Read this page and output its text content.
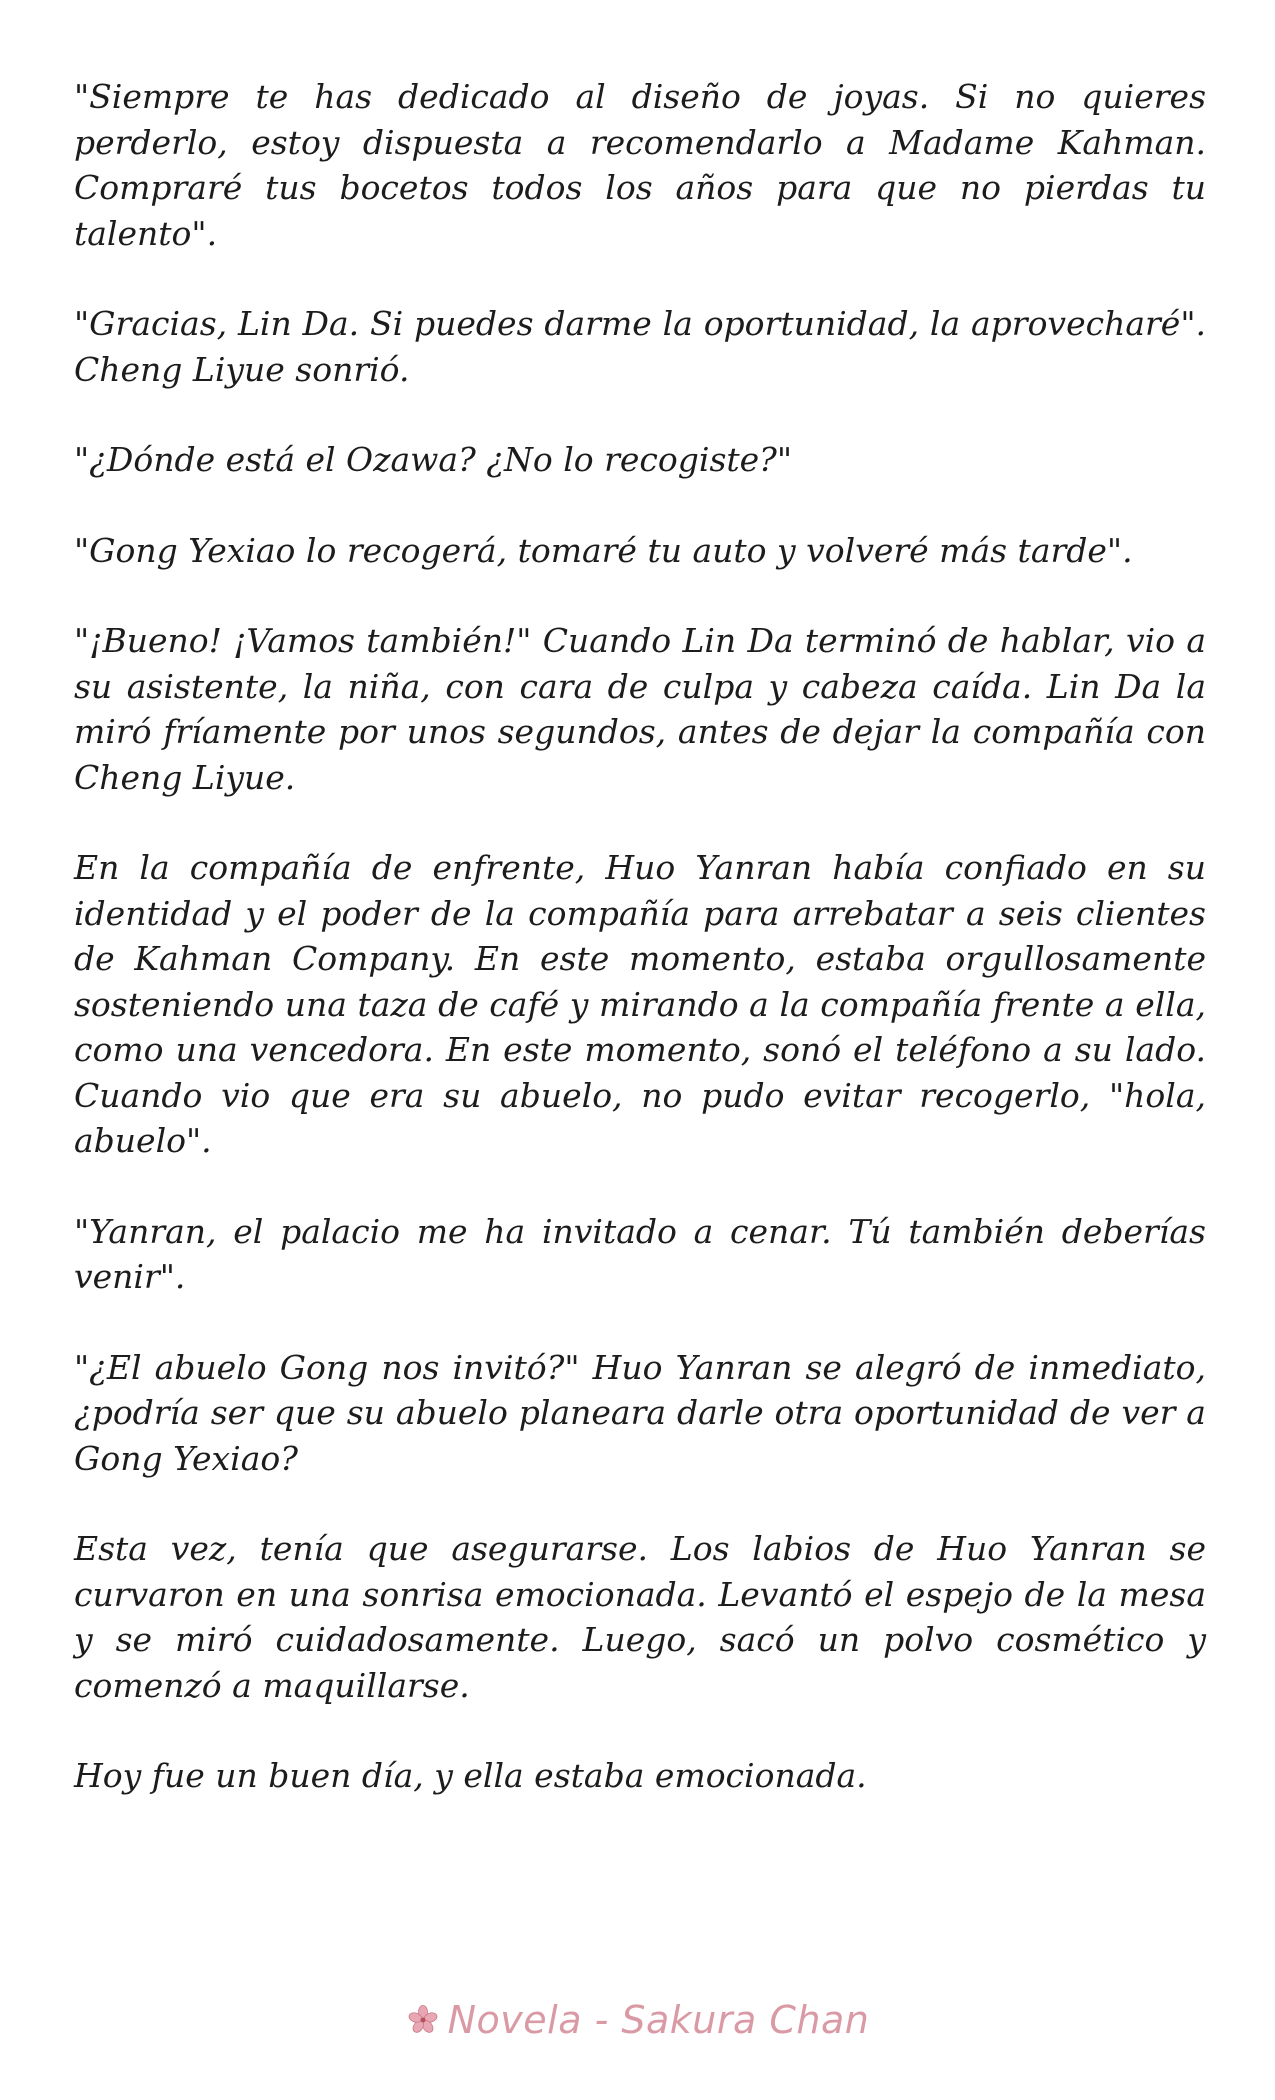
"Siempre te has dedicado al diseño de joyas. Si no quieres perderlo, estoy dispuesta a recomendarlo a Madame Kahman. Compraré tus bocetos todos los años para que no pierdas tu talento".

"Gracias, Lin Da. Si puedes darme la oportunidad, la aprovecharé". Cheng Liyue sonrió.

"¿Dónde está el Ozawa? ¿No lo recogiste?"

"Gong Yexiao lo recogerá, tomaré tu auto y volveré más tarde".

"¡Bueno! ¡Vamos también!" Cuando Lin Da terminó de hablar, vio a su asistente, la niña, con cara de culpa y cabeza caída. Lin Da la miró fríamente por unos segundos, antes de dejar la compañía con Cheng Liyue.

En la compañía de enfrente, Huo Yanran había confiado en su identidad y el poder de la compañía para arrebatar a seis clientes de Kahman Company. En este momento, estaba orgullosamente sosteniendo una taza de café y mirando a la compañía frente a ella, como una vencedora. En este momento, sonó el teléfono a su lado. Cuando vio que era su abuelo, no pudo evitar recogerlo, "hola, abuelo".

"Yanran, el palacio me ha invitado a cenar. Tú también deberías venir".

"¿El abuelo Gong nos invitó?" Huo Yanran se alegró de inmediato, ¿podría ser que su abuelo planeara darle otra oportunidad de ver a Gong Yexiao?

Esta vez, tenía que asegurarse. Los labios de Huo Yanran se curvaron en una sonrisa emocionada. Levantó el espejo de la mesa y se miró cuidadosamente. Luego, sacó un polvo cosmético y comenzó a maquillarse.

Hoy fue un buen día, y ella estaba emocionada.

Novela - Sakura Chan
